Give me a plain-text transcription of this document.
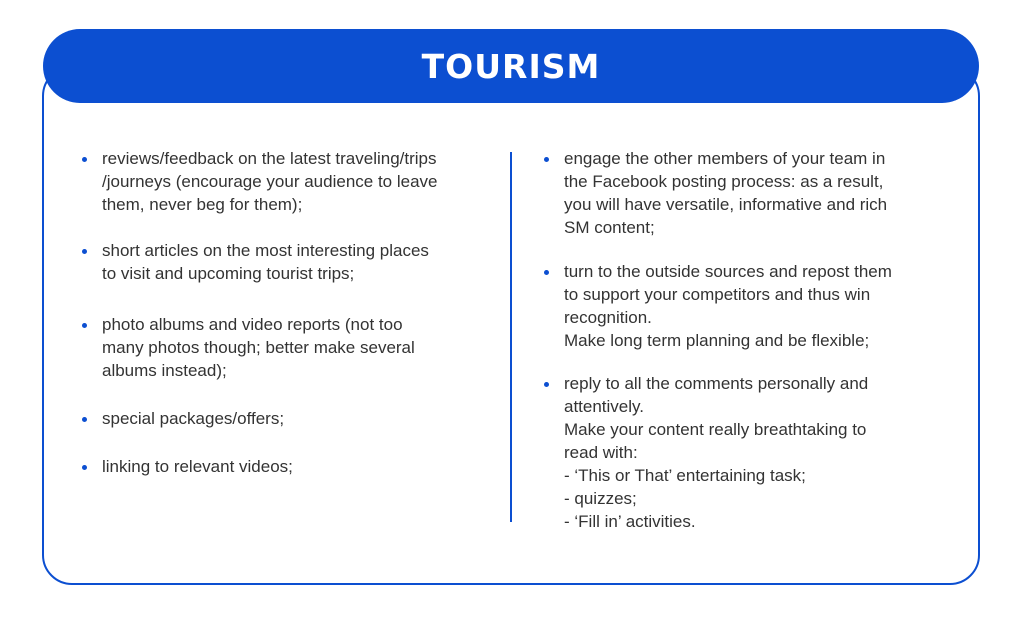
TOURISM
reviews/feedback on the latest traveling/trips
/journeys (encourage your audience to leave
them, never beg for them);
short articles on the most interesting places
to visit and upcoming tourist trips;
photo albums and video reports (not too
many photos though; better make several
albums instead);
special packages/offers;
linking to relevant videos;
engage the other members of your team in
the Facebook posting process: as a result,
you will have versatile, informative and rich
SM content;
turn to the outside sources and repost them
to support your competitors and thus win
recognition.
Make long term planning and be flexible;
reply to all the comments personally and
attentively.
Make your content really breathtaking to
read with:
- ‘This or That’ entertaining task;
- quizzes;
- ‘Fill in’ activities.
